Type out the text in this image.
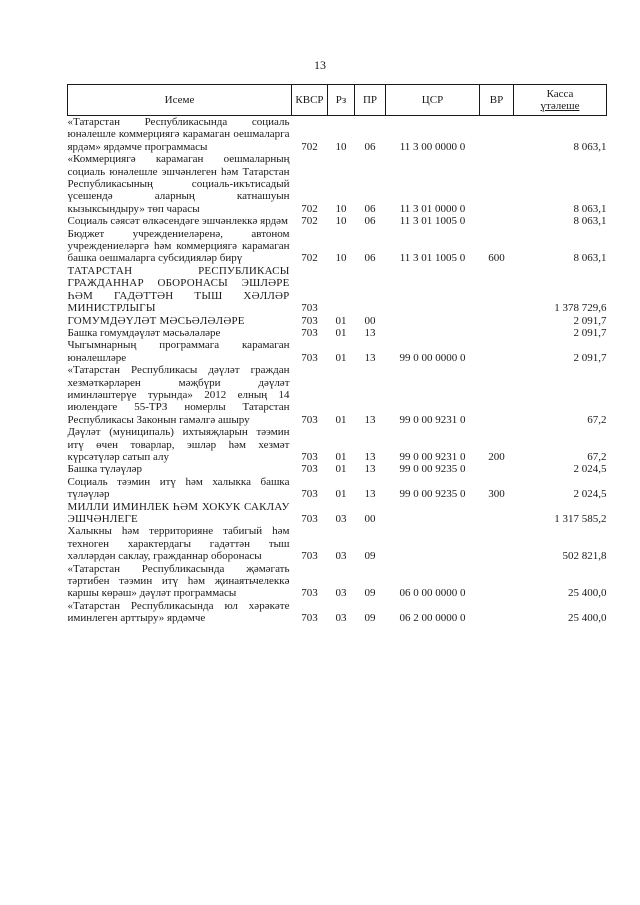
13
Исеме	КВСР	Рз	ПР	ЦСР	ВР	Касса
үтәлеше

«Татарстан Республикасында социаль юнәлешле коммерциягә карамаган оешмаларга ярдәм» ярдәмче программасы	702	10	06	11 3 00 0000 0		8 063,1
«Коммерциягә карамаган оешмаларның социаль юнәлешле эшчәнлеген һәм Татарстан Республикасының социаль-икътисадый үсешендә аларның катнашуын кызыксындыру» төп чарасы	702	10	06	11 3 01 0000 0		8 063,1
Социаль сәясәт өлкәсендәге эшчәнлеккә ярдәм	702	10	06	11 3 01 1005 0		8 063,1
Бюджет учреждениеләренә, автоном учреждениеләргә һәм коммерциягә карамаган башка оешмаларга субсидияләр бирү	702	10	06	11 3 01 1005 0	600	8 063,1
ТАТАРСТАН РЕСПУБЛИКАСЫ ГРАЖДАННАР ОБОРОНАСЫ ЭШЛӘРЕ ҺӘМ ГАДӘТТӘН ТЫШ ХӘЛЛӘР МИНИСТРЛЫГЫ	703					1 378 729,6
ГОМУМДӘҮЛӘТ МӘСЬӘЛӘЛӘРЕ	703	01	00			2 091,7
Башка гомумдәүләт мәсьәләләре	703	01	13			2 091,7
Чыгымнарның программага карамаган юнәлешләре	703	01	13	99 0 00 0000 0		2 091,7
«Татарстан Республикасы дәүләт граждан хезмәткәрләрен мәҗбүри дәүләт иминләштерүе турында» 2012 елның 14 июлендәге 55-ТРЗ номерлы Татарстан Республикасы Законын гамәлгә ашыру	703	01	13	99 0 00 9231 0		67,2
Дәүләт (муниципаль) ихтыяҗларын тәэмин итү өчен товарлар, эшләр һәм хезмәт күрсәтүләр сатып алу	703	01	13	99 0 00 9231 0	200	67,2
Башка түләүләр	703	01	13	99 0 00 9235 0		2 024,5
Социаль тәэмин итү һәм халыкка башка түләүләр	703	01	13	99 0 00 9235 0	300	2 024,5
МИЛЛИ ИМИНЛЕК ҺӘМ ХОКУК САКЛАУ ЭШЧӘНЛЕГЕ	703	03	00			1 317 585,2
Халыкны һәм территорияне табигый һәм техноген характердагы гадәттән тыш хәлләрдән саклау, гражданнар оборонасы	703	03	09			502 821,8
«Татарстан Республикасында җәмәгать тәртибен тәэмин итү һәм җинаятьчелеккә каршы көрәш» дәүләт программасы	703	03	09	06 0 00 0000 0		25 400,0
«Татарстан Республикасында юл хәрәкәте иминлеген арттыру» ярдәмче	703	03	09	06 2 00 0000 0		25 400,0
